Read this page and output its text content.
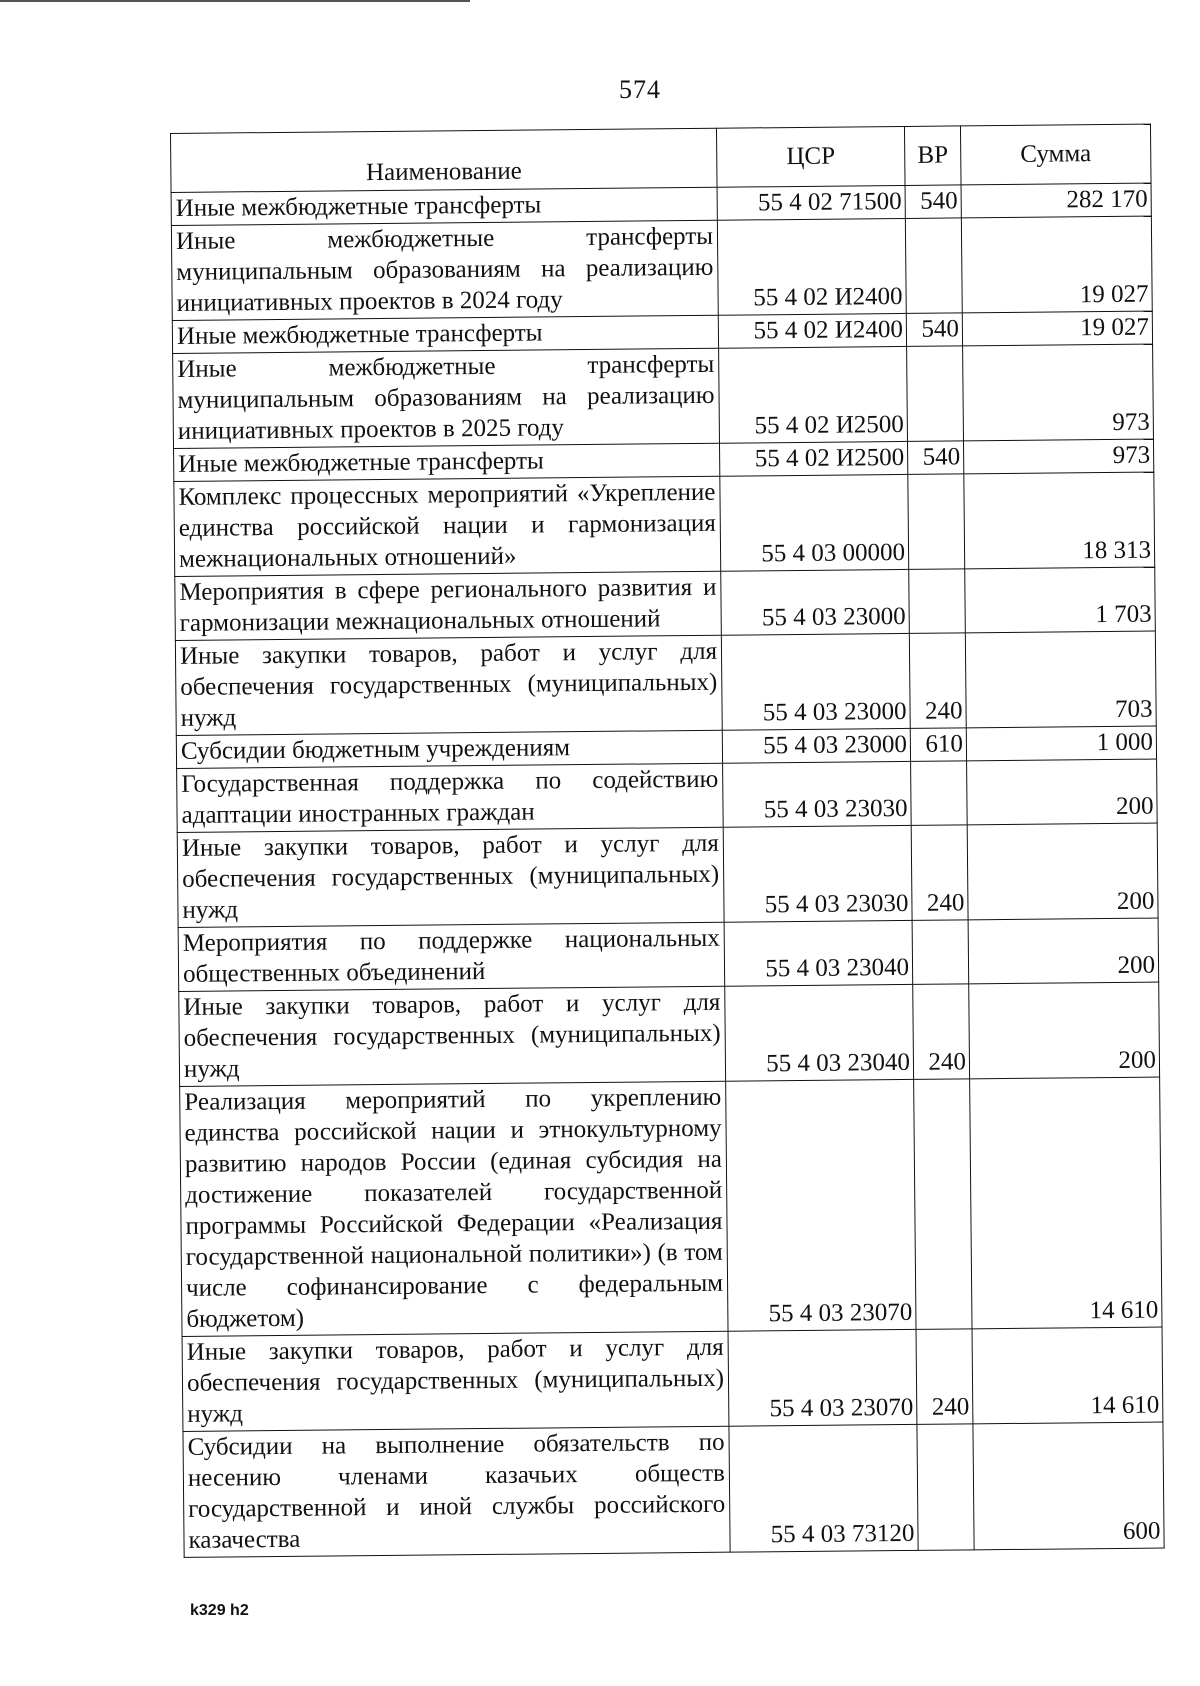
574
Наименование	ЦСР	ВР	Сумма
Иные межбюджетные трансферты	55 4 02 71500	540	282 170
Иные межбюджетные трансферты муниципальным образованиям на реализацию инициативных проектов в 2024 году	55 4 02 И2400		19 027
Иные межбюджетные трансферты	55 4 02 И2400	540	19 027
Иные межбюджетные трансферты муниципальным образованиям на реализацию инициативных проектов в 2025 году	55 4 02 И2500		973
Иные межбюджетные трансферты	55 4 02 И2500	540	973
Комплекс процессных мероприятий «Укрепление единства российской нации и гармонизация межнациональных отношений»	55 4 03 00000		18 313
Мероприятия в сфере регионального развития и гармонизации межнациональных отношений	55 4 03 23000		1 703
Иные закупки товаров, работ и услуг для обеспечения государственных (муниципальных) нужд	55 4 03 23000	240	703
Субсидии бюджетным учреждениям	55 4 03 23000	610	1 000
Государственная поддержка по содействию адаптации иностранных граждан	55 4 03 23030		200
Иные закупки товаров, работ и услуг для обеспечения государственных (муниципальных) нужд	55 4 03 23030	240	200
Мероприятия по поддержке национальных общественных объединений	55 4 03 23040		200
Иные закупки товаров, работ и услуг для обеспечения государственных (муниципальных) нужд	55 4 03 23040	240	200
Реализация мероприятий по укреплению единства российской нации и этнокультурному развитию народов России (единая субсидия на достижение показателей государственной программы Российской Федерации «Реализация государственной национальной политики») (в том числе софинансирование с федеральным бюджетом)	55 4 03 23070		14 610
Иные закупки товаров, работ и услуг для обеспечения государственных (муниципальных) нужд	55 4 03 23070	240	14 610
Субсидии на выполнение обязательств по несению членами казачьих обществ государственной и иной службы российского казачества	55 4 03 73120		600
k329 h2
